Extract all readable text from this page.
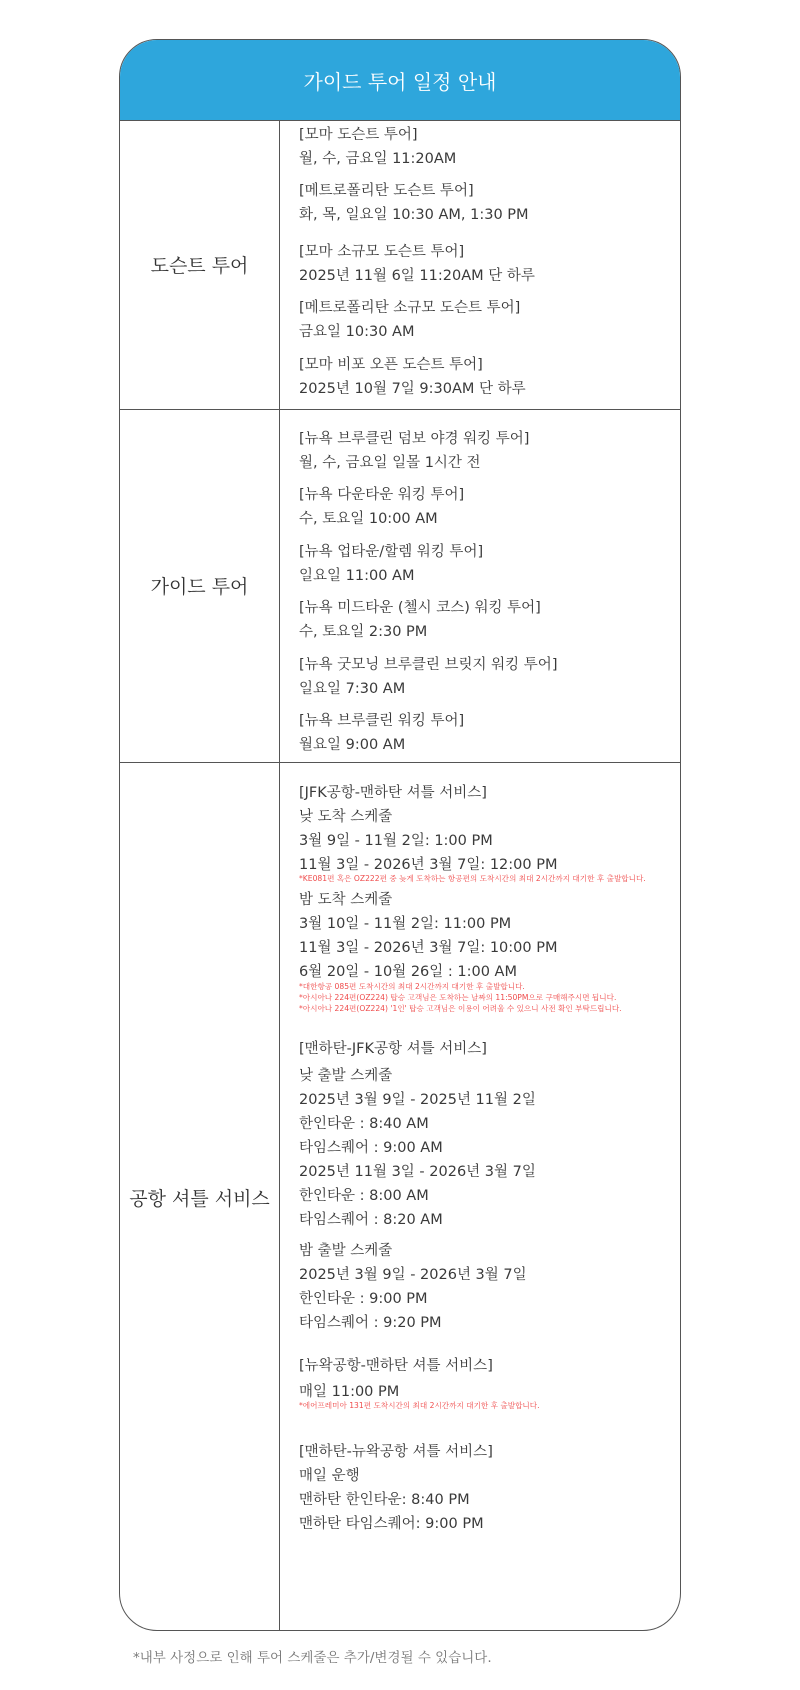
가이드 투어 일정 안내
도슨트 투어
[모마 도슨트 투어]
월, 수, 금요일 11:20AM
[메트로폴리탄 도슨트 투어]
화, 목, 일요일 10:30 AM, 1:30 PM
[모마 소규모 도슨트 투어]
2025년 11월 6일 11:20AM 단 하루
[메트로폴리탄 소규모 도슨트 투어]
금요일 10:30 AM
[모마 비포 오픈 도슨트 투어]
2025년 10월 7일 9:30AM 단 하루
가이드 투어
[뉴욕 브루클린 덤보 야경 워킹 투어]
월, 수, 금요일 일몰 1시간 전
[뉴욕 다운타운 워킹 투어]
수, 토요일 10:00 AM
[뉴욕 업타운/할렘 워킹 투어]
일요일 11:00 AM
[뉴욕 미드타운 (첼시 코스) 워킹 투어]
수, 토요일 2:30 PM
[뉴욕 굿모닝 브루클린 브릿지 워킹 투어]
일요일 7:30 AM
[뉴욕 브루클린 워킹 투어]
월요일 9:00 AM
공항 셔틀 서비스
[JFK공항-맨하탄 셔틀 서비스]
낮 도착 스케줄
3월 9일 - 11월 2일: 1:00 PM
11월 3일 - 2026년 3월 7일: 12:00 PM
*KE081편 혹은 OZ222편 중 늦게 도착하는 항공편의 도착시간의 최대 2시간까지 대기한 후 출발합니다.
밤 도착 스케줄
3월 10일 - 11월 2일: 11:00 PM
11월 3일 - 2026년 3월 7일: 10:00 PM
6월 20일 - 10월 26일 : 1:00 AM
*대한항공 085편 도착시간의 최대 2시간까지 대기한 후 출발합니다.
*아시아나 224편(OZ224) 탑승 고객님은 도착하는 날짜의 11:50PM으로 구매해주시면 됩니다.
*아시아나 224편(OZ224) '1인' 탑승 고객님은 이용이 어려울 수 있으니 사전 확인 부탁드립니다.
[맨하탄-JFK공항 셔틀 서비스]
낮 출발 스케줄
2025년 3월 9일 - 2025년 11월 2일
한인타운 : 8:40 AM
타임스퀘어 : 9:00 AM
2025년 11월 3일 - 2026년 3월 7일
한인타운 : 8:00 AM
타임스퀘어 : 8:20 AM
밤 출발 스케줄
2025년 3월 9일 - 2026년 3월 7일
한인타운 : 9:00 PM
타임스퀘어 : 9:20 PM
[뉴왁공항-맨하탄 셔틀 서비스]
매일 11:00 PM
*에어프레미아 131편 도착시간의 최대 2시간까지 대기한 후 출발합니다.
[맨하탄-뉴왁공항 셔틀 서비스]
매일 운행
맨하탄 한인타운: 8:40 PM
맨하탄 타임스퀘어: 9:00 PM
*내부 사정으로 인해 투어 스케줄은 추가/변경될 수 있습니다.
